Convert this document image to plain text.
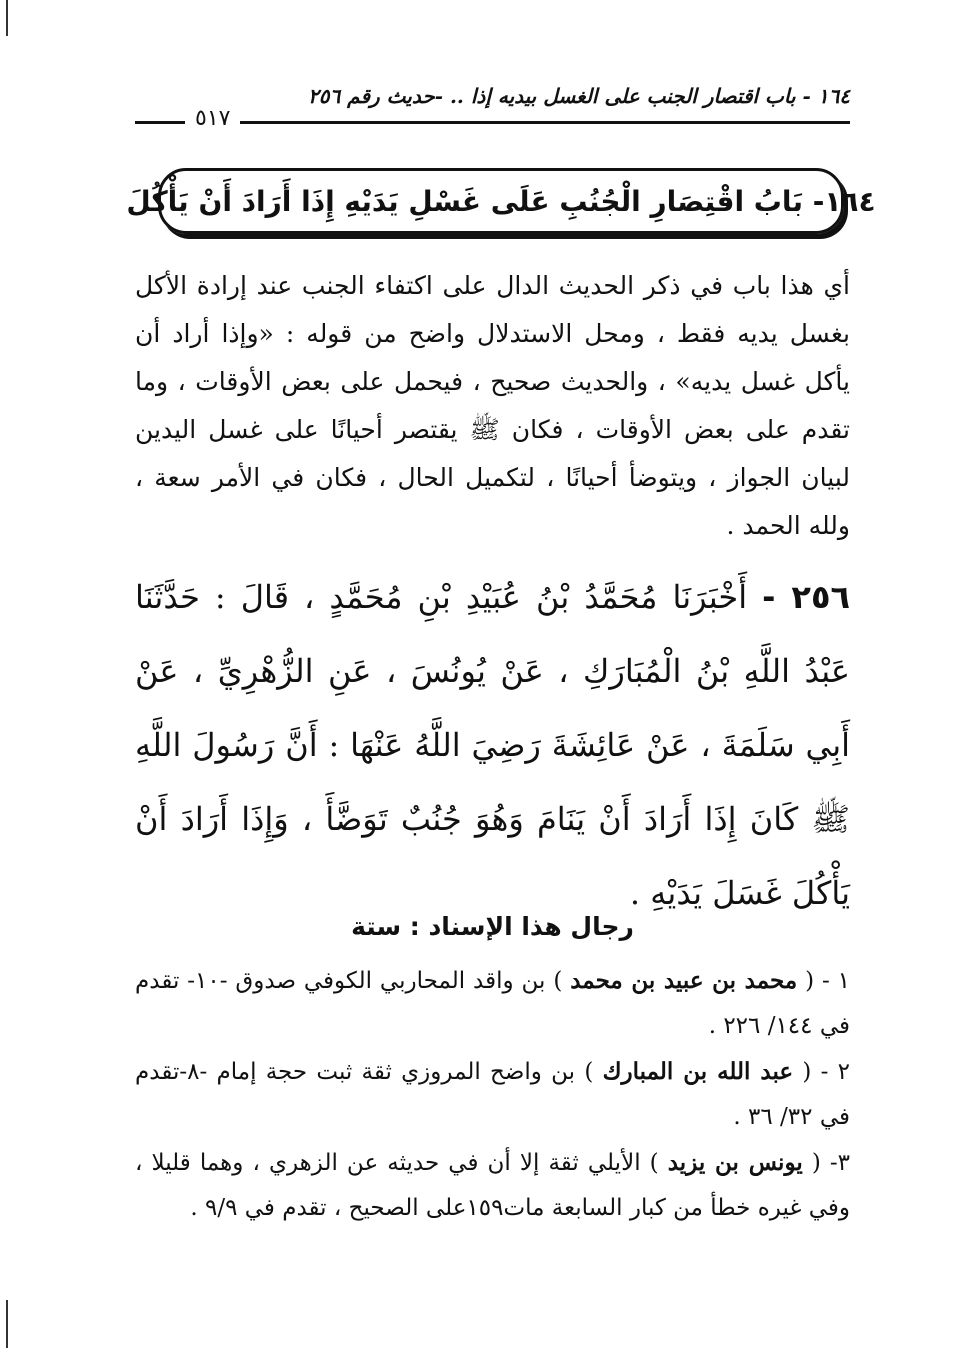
١٦٤ - باب اقتصار الجنب على الغسل بيديه إذا .. -حديث رقم ٢٥٦
٥١٧
١٦٤- بَابُ اقْتِصَارِ الْجُنُبِ عَلَى غَسْلِ يَدَيْهِ إِذَا أَرَادَ أَنْ يَأْكُلَ
أي هذا باب في ذكر الحديث الدال على اكتفاء الجنب عند إرادة الأكل بغسل يديه فقط ، ومحل الاستدلال واضح من قوله : «وإذا أراد أن يأكل غسل يديه» ، والحديث صحيح ، فيحمل على بعض الأوقات ، وما تقدم على بعض الأوقات ، فكان ﷺ يقتصر أحيانًا على غسل اليدين لبيان الجواز ، ويتوضأ أحيانًا ، لتكميل الحال ، فكان في الأمر سعة ، ولله الحمد .
٢٥٦ - أَخْبَرَنَا مُحَمَّدُ بْنُ عُبَيْدِ بْنِ مُحَمَّدٍ ، قَالَ : حَدَّثَنَا عَبْدُ اللَّهِ بْنُ الْمُبَارَكِ ، عَنْ يُونُسَ ، عَنِ الزُّهْرِيِّ ، عَنْ أَبِي سَلَمَةَ ، عَنْ عَائِشَةَ رَضِيَ اللَّهُ عَنْهَا : أَنَّ رَسُولَ اللَّهِ ﷺ كَانَ إِذَا أَرَادَ أَنْ يَنَامَ وَهُوَ جُنُبٌ تَوَضَّأَ ، وَإِذَا أَرَادَ أَنْ يَأْكُلَ غَسَلَ يَدَيْهِ .
رجال هذا الإسناد : ستة

١ - ( محمد بن عبيد بن محمد ) بن واقد المحاربي الكوفي صدوق -١٠- تقدم في ١٤٤/ ٢٢٦ .

٢ - ( عبد الله بن المبارك ) بن واضح المروزي ثقة ثبت حجة إمام -٨-تقدم في ٣٢/ ٣٦ .

٣- ( يونس بن يزيد ) الأيلي ثقة إلا أن في حديثه عن الزهري ، وهما قليلا ، وفي غيره خطأ من كبار السابعة مات١٥٩على الصحيح ، تقدم في ٩/٩ .
